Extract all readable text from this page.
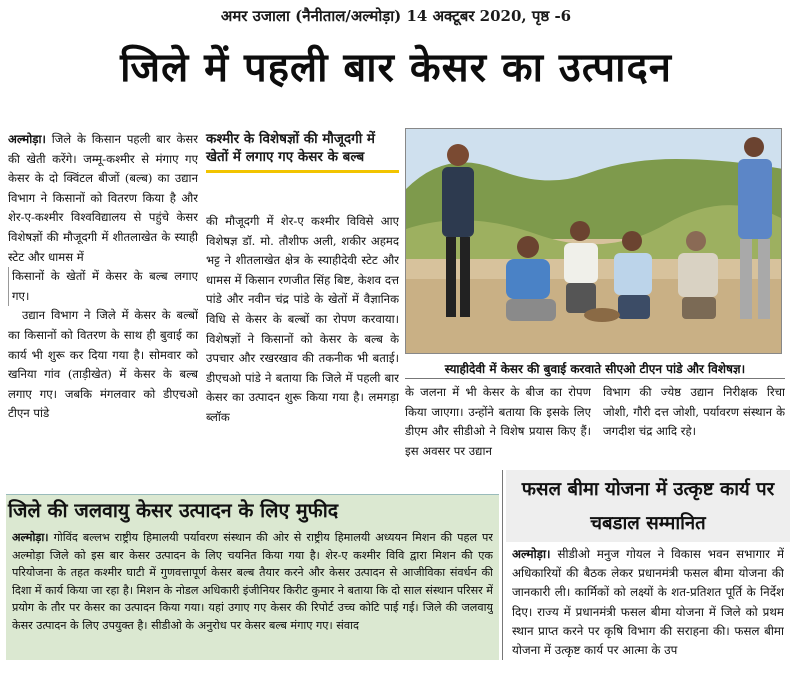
अमर उजाला (नैनीताल/अल्मोड़ा) 14 अक्टूबर 2020, पृष्ठ -6
जिले में पहली बार केसर का उत्पादन

अल्मोड़ा। जिले के किसान पहली बार केसर की खेती करेंगे। जम्मू-कश्मीर से मंगाए गए केसर के दो क्विंटल बीजों (बल्ब) का उद्यान विभाग ने किसानों को वितरण किया है और शेर-ए-कश्मीर विश्वविद्यालय से पहुंचे केसर विशेषज्ञों की मौजूदगी में शीतलाखेत के स्याही स्टेट और धामस में

किसानों के खेतों में केसर के बल्ब लगाए गए।

उद्यान विभाग ने जिले में केसर के बल्बों का किसानों को वितरण के साथ ही बुवाई का कार्य भी शुरू कर दिया गया है। सोमवार को खनिया गांव (ताड़ीखेत) में केसर के बल्ब लगाए गए। जबकि मंगलवार को डीएचओ टीएन पांडे

कश्मीर के विशेषज्ञों की मौजूदगी में खेतों में लगाए गए केसर के बल्ब

की मौजूदगी में शेर-ए कश्मीर विविसे आए विशेषज्ञ डॉ. मो. तौशीफ अली, शकीर अहमद भट्ट ने शीतलाखेत क्षेत्र के स्याहीदेवी स्टेट और धामस में किसान रणजीत सिंह बिष्ट, केशव दत्त पांडे और नवीन चंद्र पांडे के खेतों में वैज्ञानिक विधि से केसर के बल्बों का रोपण करवाया। विशेषज्ञों ने किसानों को केसर के बल्ब के उपचार और रखरखाव की तकनीक भी बताई। डीएचओ पांडे ने बताया कि जिले में पहली बार केसर का उत्पादन शुरू किया गया है। लमगड़ा ब्लॉक

स्याहीदेवी में केसर की बुवाई करवाते सीएओ टीएन पांडे और विशेषज्ञ।

के जलना में भी केसर के बीज का रोपण किया जाएगा। उन्होंने बताया कि इसके लिए डीएम और सीडीओ ने विशेष प्रयास किए हैं। इस अवसर पर उद्यान

विभाग की ज्येष्ठ उद्यान निरीक्षक रिचा जोशी, गौरी दत्त जोशी, पर्यावरण संस्थान के जगदीश चंद्र आदि रहे।

जिले की जलवायु केसर उत्पादन के लिए मुफीद

अल्मोड़ा। गोविंद बल्लभ राष्ट्रीय हिमालयी पर्यावरण संस्थान की ओर से राष्ट्रीय हिमालयी अध्ययन मिशन की पहल पर अल्मोड़ा जिले को इस बार केसर उत्पादन के लिए चयनित किया गया है। शेर-ए कश्मीर विवि द्वारा मिशन की एक परियोजना के तहत कश्मीर घाटी में गुणवत्तापूर्ण केसर बल्ब तैयार करने और केसर उत्पादन से आजीविका संवर्धन की दिशा में कार्य किया जा रहा है। मिशन के नोडल अधिकारी इंजीनियर किरीट कुमार ने बताया कि दो साल संस्थान परिसर में प्रयोग के तौर पर केसर का उत्पादन किया गया। यहां उगाए गए केसर की रिपोर्ट उच्च कोटि पाई गई। जिले की जलवायु केसर उत्पादन के लिए उपयुक्त है। सीडीओ के अनुरोध पर केसर बल्ब मंगाए गए। संवाद

फसल बीमा योजना में उत्कृष्ट कार्य पर चबडाल सम्मानित

अल्मोड़ा। सीडीओ मनुज गोयल ने विकास भवन सभागार में अधिकारियों की बैठक लेकर प्रधानमंत्री फसल बीमा योजना की जानकारी ली। कार्मिकों को लक्ष्यों के शत-प्रतिशत पूर्ति के निर्देश दिए। राज्य में प्रधानमंत्री फसल बीमा योजना में जिले को प्रथम स्थान प्राप्त करने पर कृषि विभाग की सराहना की। फसल बीमा योजना में उत्कृष्ट कार्य पर आत्मा के उप
